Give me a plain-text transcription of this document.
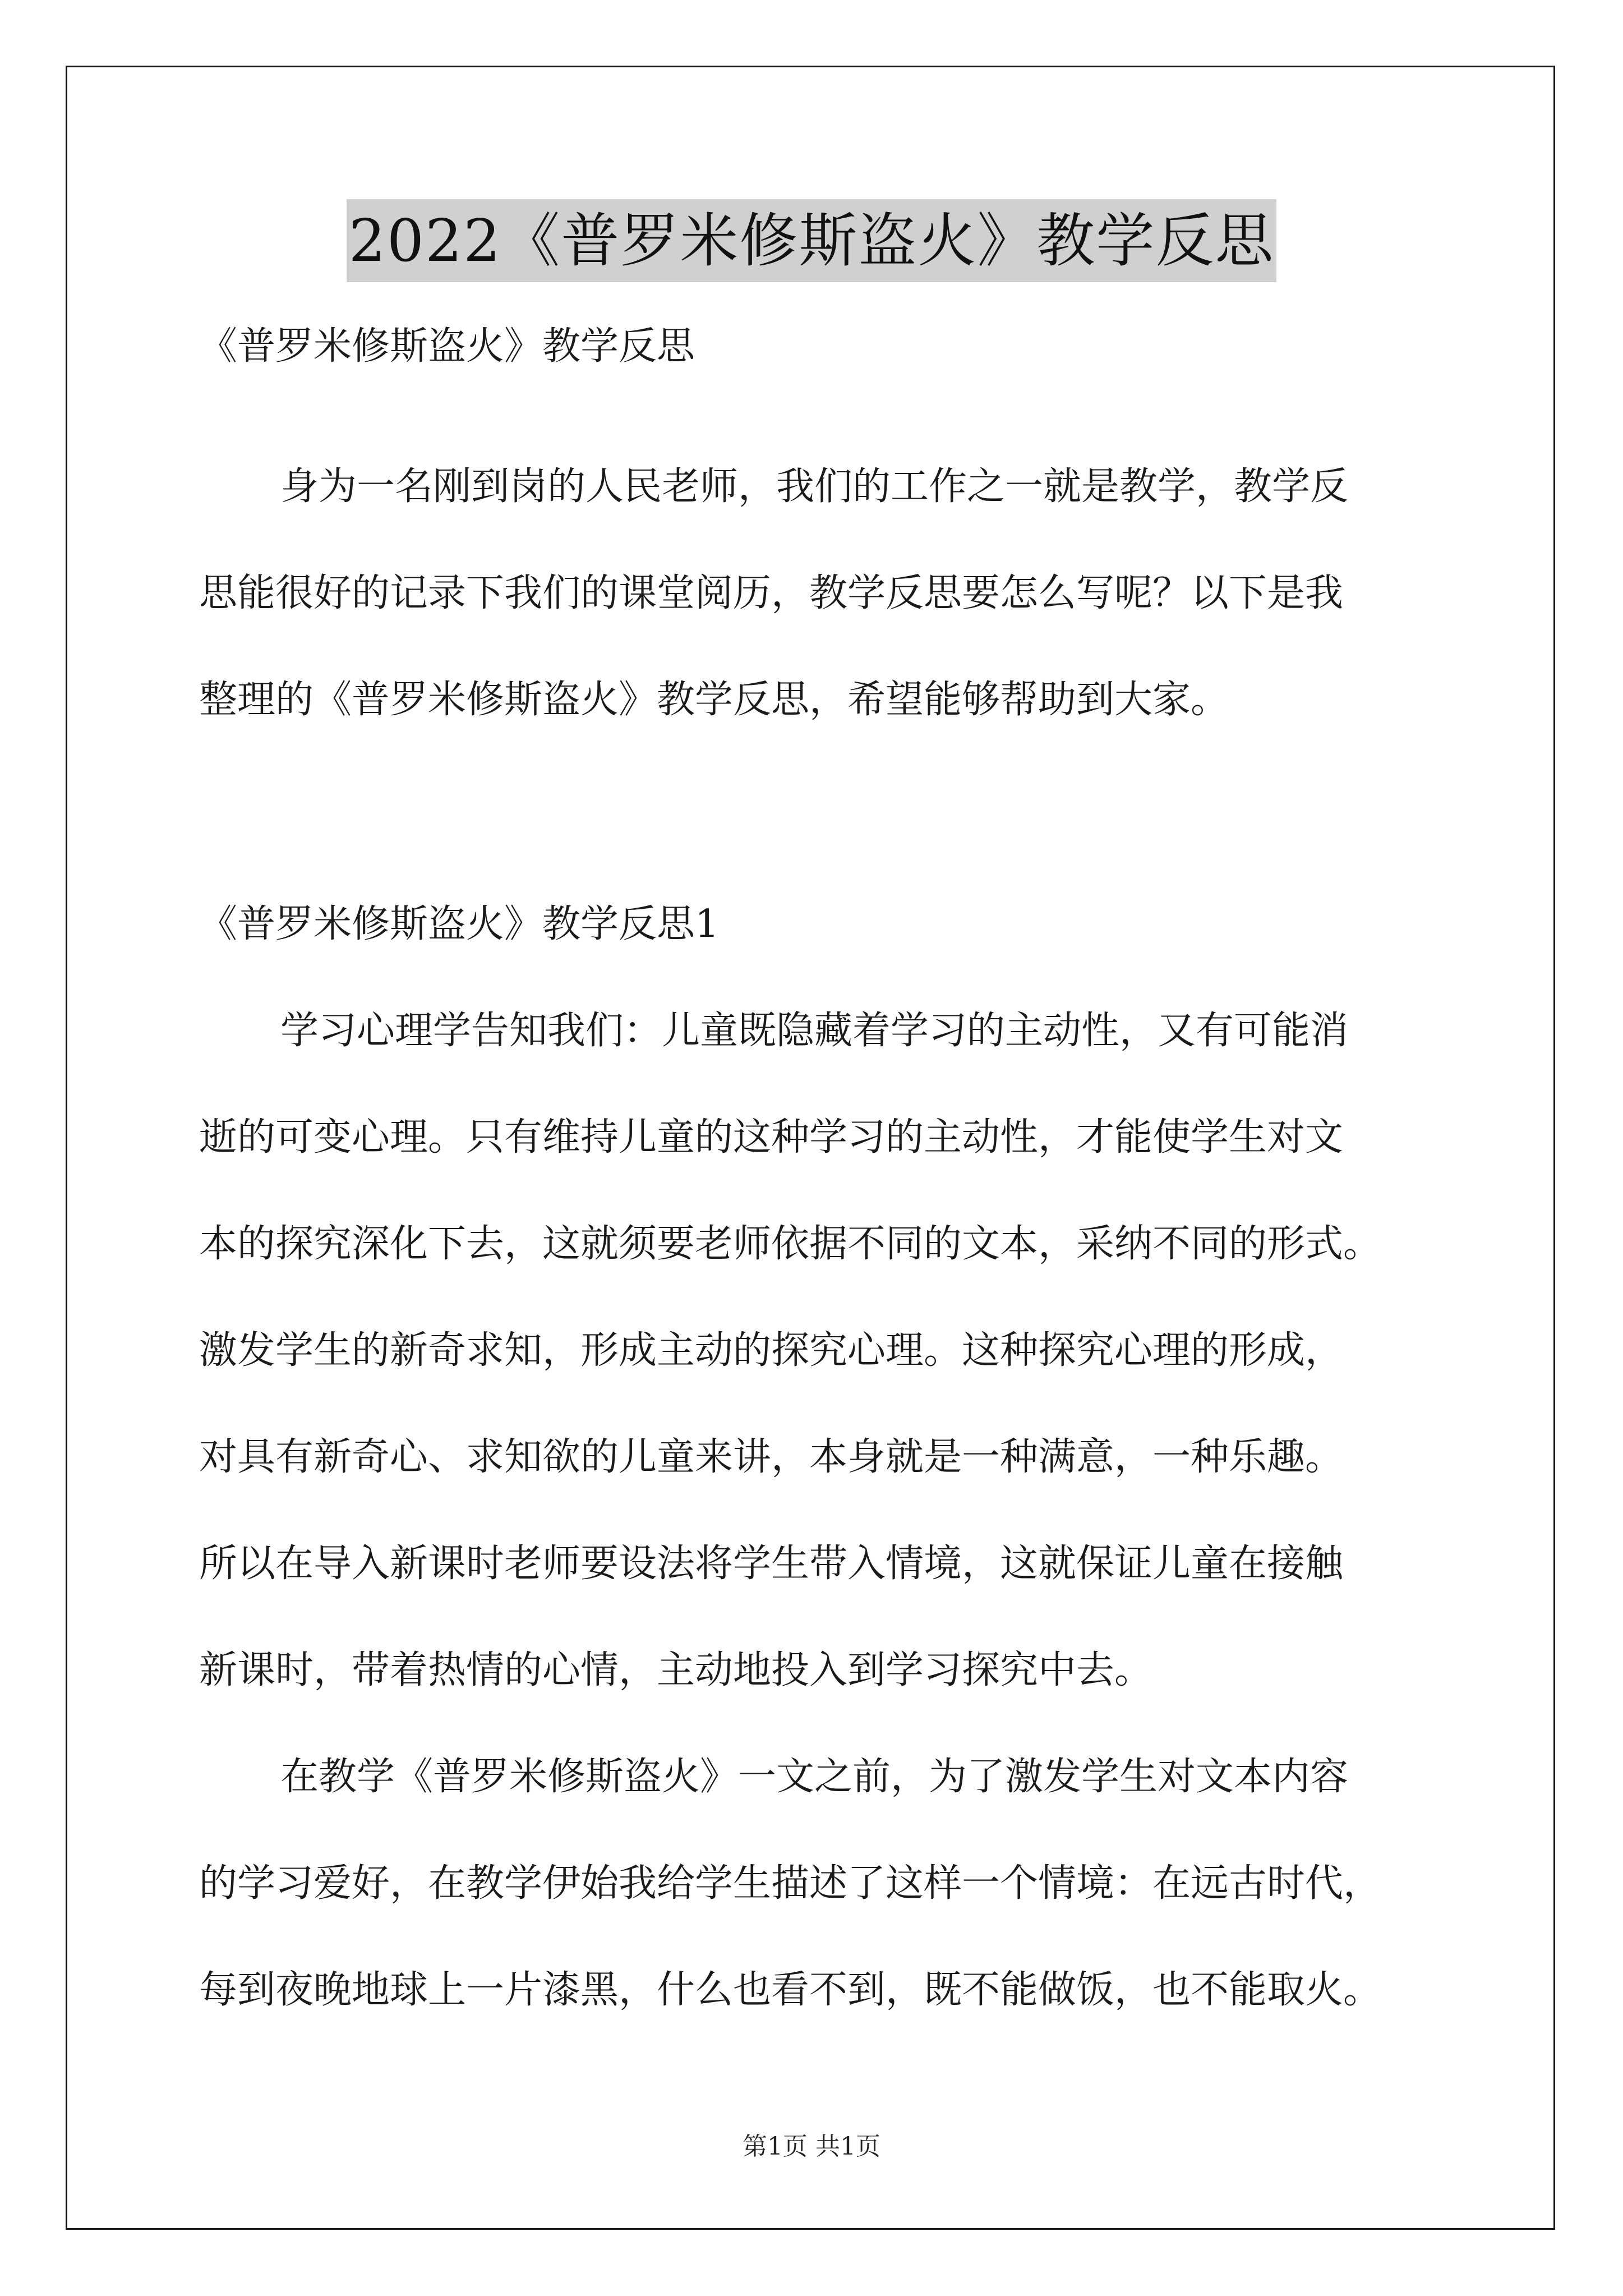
2022《普罗米修斯盗火》教学反思
《普罗米修斯盗火》教学反思
身为一名刚到岗的人民老师，我们的工作之一就是教学，教学反
思能很好的记录下我们的课堂阅历，教学反思要怎么写呢？以下是我
整理的《普罗米修斯盗火》教学反思，希望能够帮助到大家。
《普罗米修斯盗火》教学反思1
学习心理学告知我们：儿童既隐藏着学习的主动性，又有可能消
逝的可变心理。只有维持儿童的这种学习的主动性，才能使学生对文
本的探究深化下去，这就须要老师依据不同的文本，采纳不同的形式。
激发学生的新奇求知，形成主动的探究心理。这种探究心理的形成，
对具有新奇心、求知欲的儿童来讲，本身就是一种满意，一种乐趣。
所以在导入新课时老师要设法将学生带入情境，这就保证儿童在接触
新课时，带着热情的心情，主动地投入到学习探究中去。
在教学《普罗米修斯盗火》一文之前，为了激发学生对文本内容
的学习爱好，在教学伊始我给学生描述了这样一个情境：在远古时代，
每到夜晚地球上一片漆黑，什么也看不到，既不能做饭，也不能取火。
第1页 共1页
